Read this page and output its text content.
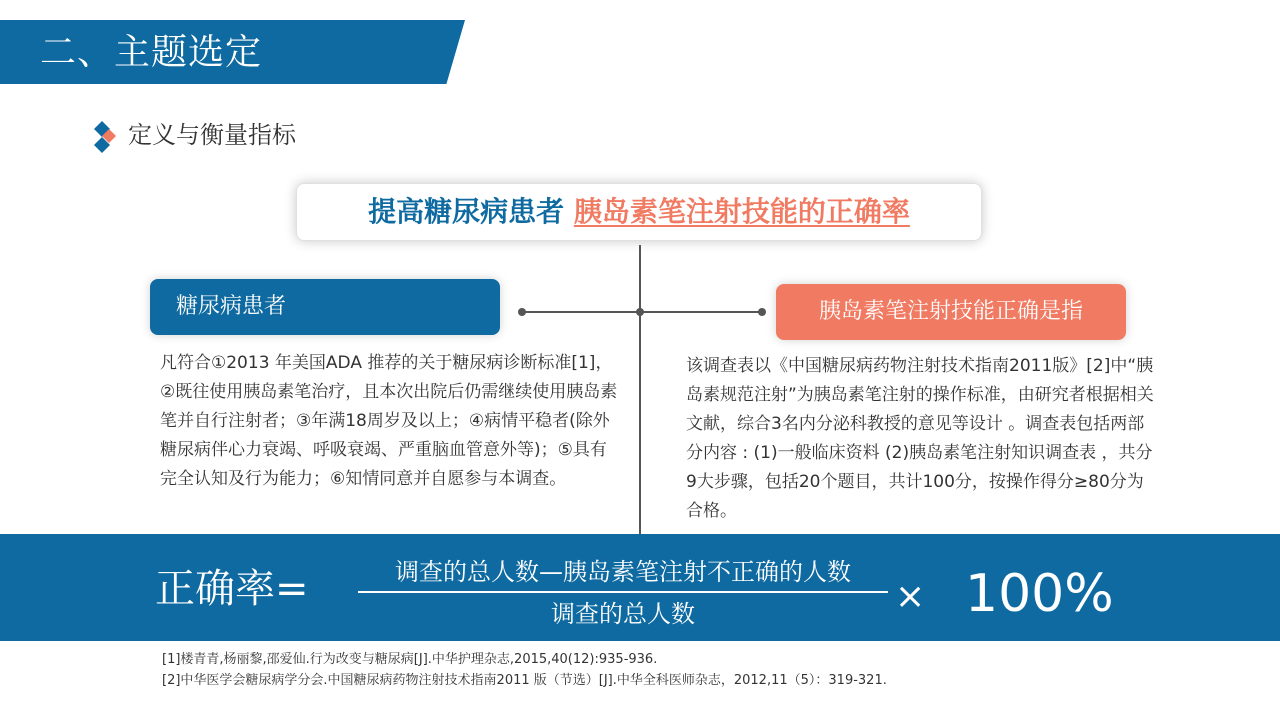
二、主题选定
定义与衡量指标
提高糖尿病患者 胰岛素笔注射技能的正确率
糖尿病患者	胰岛素笔注射技能正确是指
凡符合①2013 年美国ADA 推荐的关于糖尿病诊断标准[1]，②既往使用胰岛素笔治疗，且本次出院后仍需继续使用胰岛素笔并自行注射者；③年满18周岁及以上；④病情平稳者(除外糖尿病伴心力衰竭、呼吸衰竭、严重脑血管意外等)；⑤具有完全认知及行为能力；⑥知情同意并自愿参与本调查。
该调查表以《中国糖尿病药物注射技术指南2011版》[2]中“胰岛素规范注射”为胰岛素笔注射的操作标准，由研究者根据相关文献，综合3名内分泌科教授的意见等设计 。调查表包括两部分内容 : (1)一般临床资料 (2)胰岛素笔注射知识调查表 ，共分9大步骤，包括20个题目，共计100分，按操作得分≥80分为合格。
正确率=	调查的总人数—胰岛素笔注射不正确的人数
调查的总人数	× 100%
[1]楼青青,杨丽黎,邵爱仙.行为改变与糖尿病[J].中华护理杂志,2015,40(12):935-936.
[2]中华医学会糖尿病学分会.中国糖尿病药物注射技术指南2011 版（节选）[J].中华全科医师杂志，2012,11（5）：319-321.
